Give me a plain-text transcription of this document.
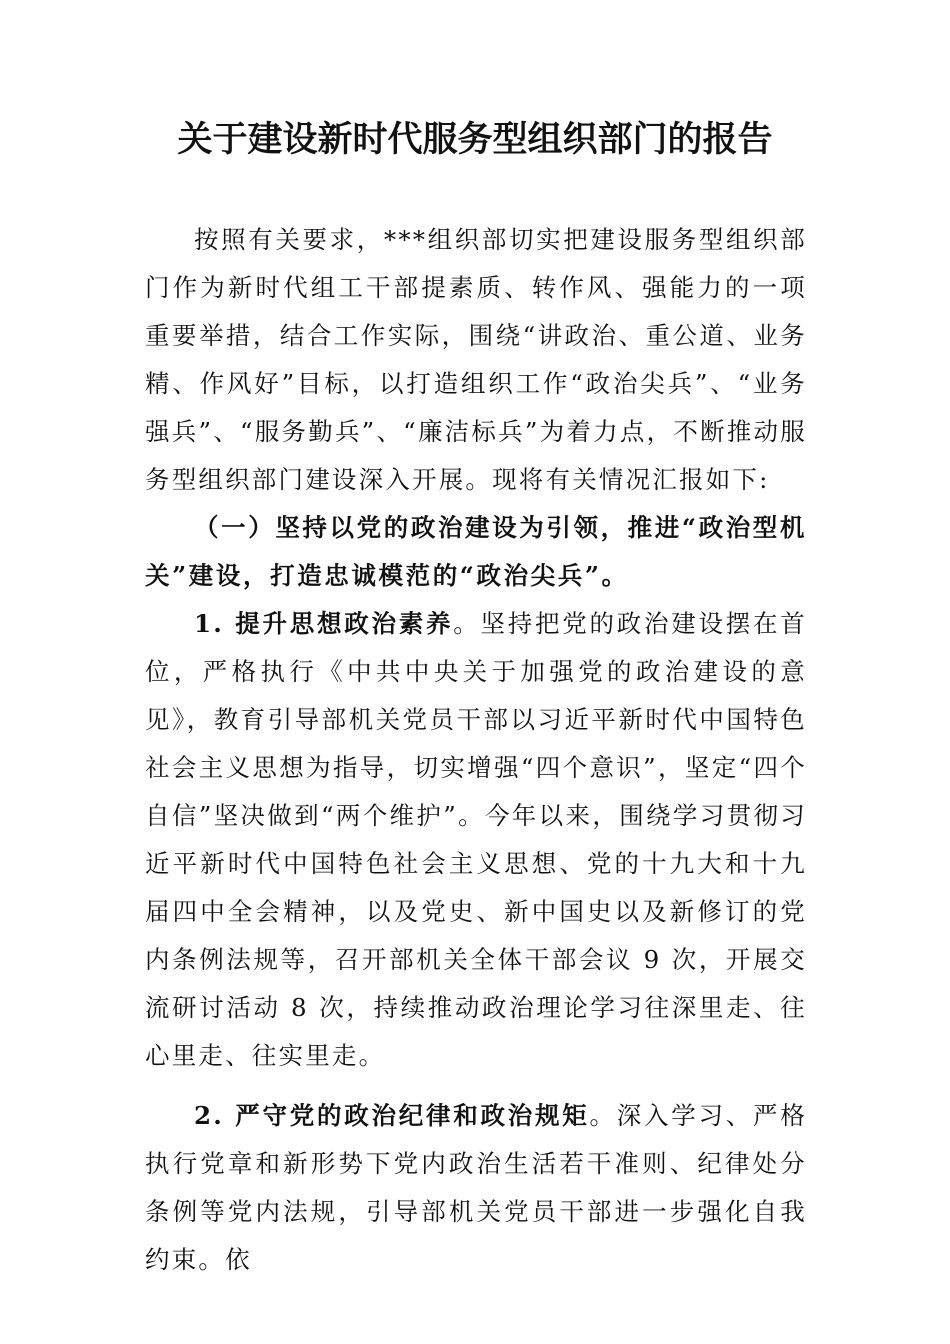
关于建设新时代服务型组织部门的报告

按照有关要求，***组织部切实把建设服务型组织部门作为新时代组工干部提素质、转作风、强能力的一项重要举措，结合工作实际，围绕“讲政治、重公道、业务精、作风好”目标，以打造组织工作“政治尖兵”、“业务强兵”、“服务勤兵”、“廉洁标兵”为着力点，不断推动服务型组织部门建设深入开展。现将有关情况汇报如下:

（一）坚持以党的政治建设为引领，推进“政治型机关”建设，打造忠诚模范的“政治尖兵”。

1. 提升思想政治素养。坚持把党的政治建设摆在首位，严格执行《中共中央关于加强党的政治建设的意见》，教育引导部机关党员干部以习近平新时代中国特色社会主义思想为指导，切实增强“四个意识”，坚定“四个自信”坚决做到“两个维护”。今年以来，围绕学习贯彻习近平新时代中国特色社会主义思想、党的十九大和十九届四中全会精神，以及党史、新中国史以及新修订的党内条例法规等，召开部机关全体干部会议 9 次，开展交流研讨活动 8 次，持续推动政治理论学习往深里走、往心里走、往实里走。

2. 严守党的政治纪律和政治规矩。深入学习、严格执行党章和新形势下党内政治生活若干准则、纪律处分条例等党内法规，引导部机关党员干部进一步强化自我约束。依
